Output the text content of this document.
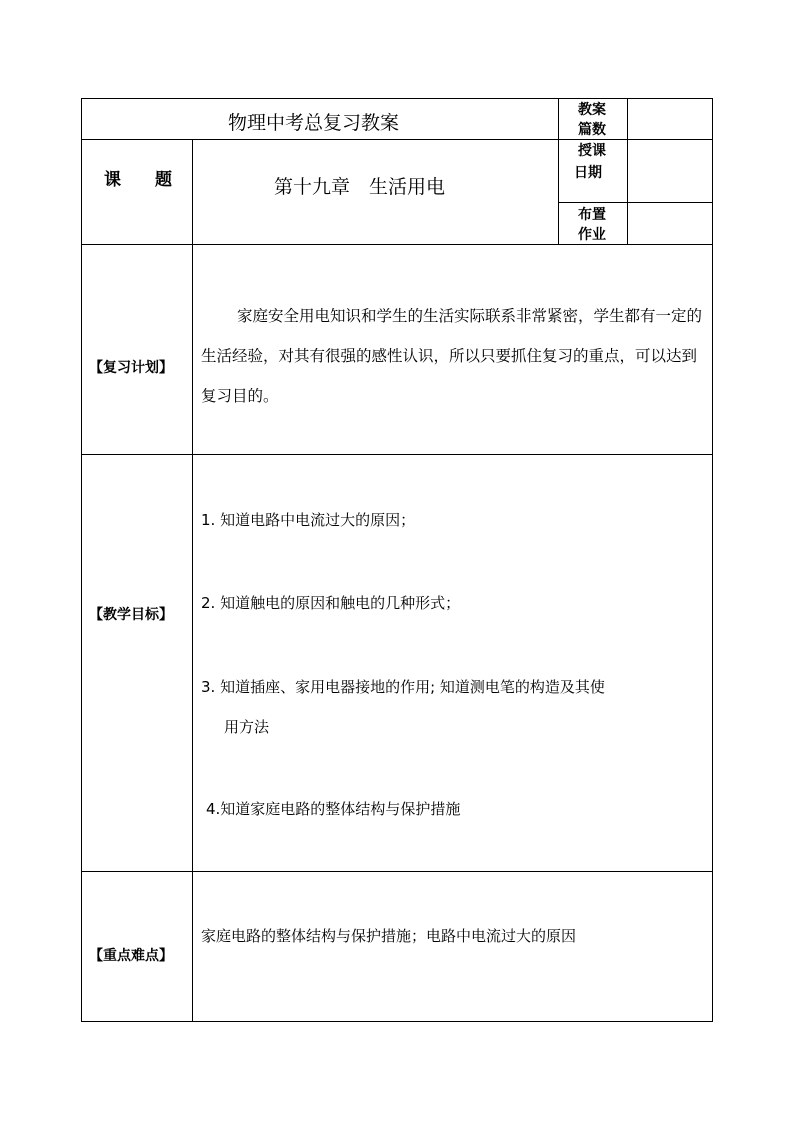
物理中考总复习教案
教案
篇数
课 题	第十九章　生活用电
授课
日期
布置
作业
【复习计划】
家庭安全用电知识和学生的生活实际联系非常紧密，学生都有一定的生活经验，对其有很强的感性认识，所以只要抓住复习的重点，可以达到复习目的。
【教学目标】
1. 知道电路中电流过大的原因；
2. 知道触电的原因和触电的几种形式；
3. 知道插座、家用电器接地的作用; 知道测电笔的构造及其使
用方法
4.知道家庭电路的整体结构与保护措施
【重点难点】
家庭电路的整体结构与保护措施；电路中电流过大的原因
